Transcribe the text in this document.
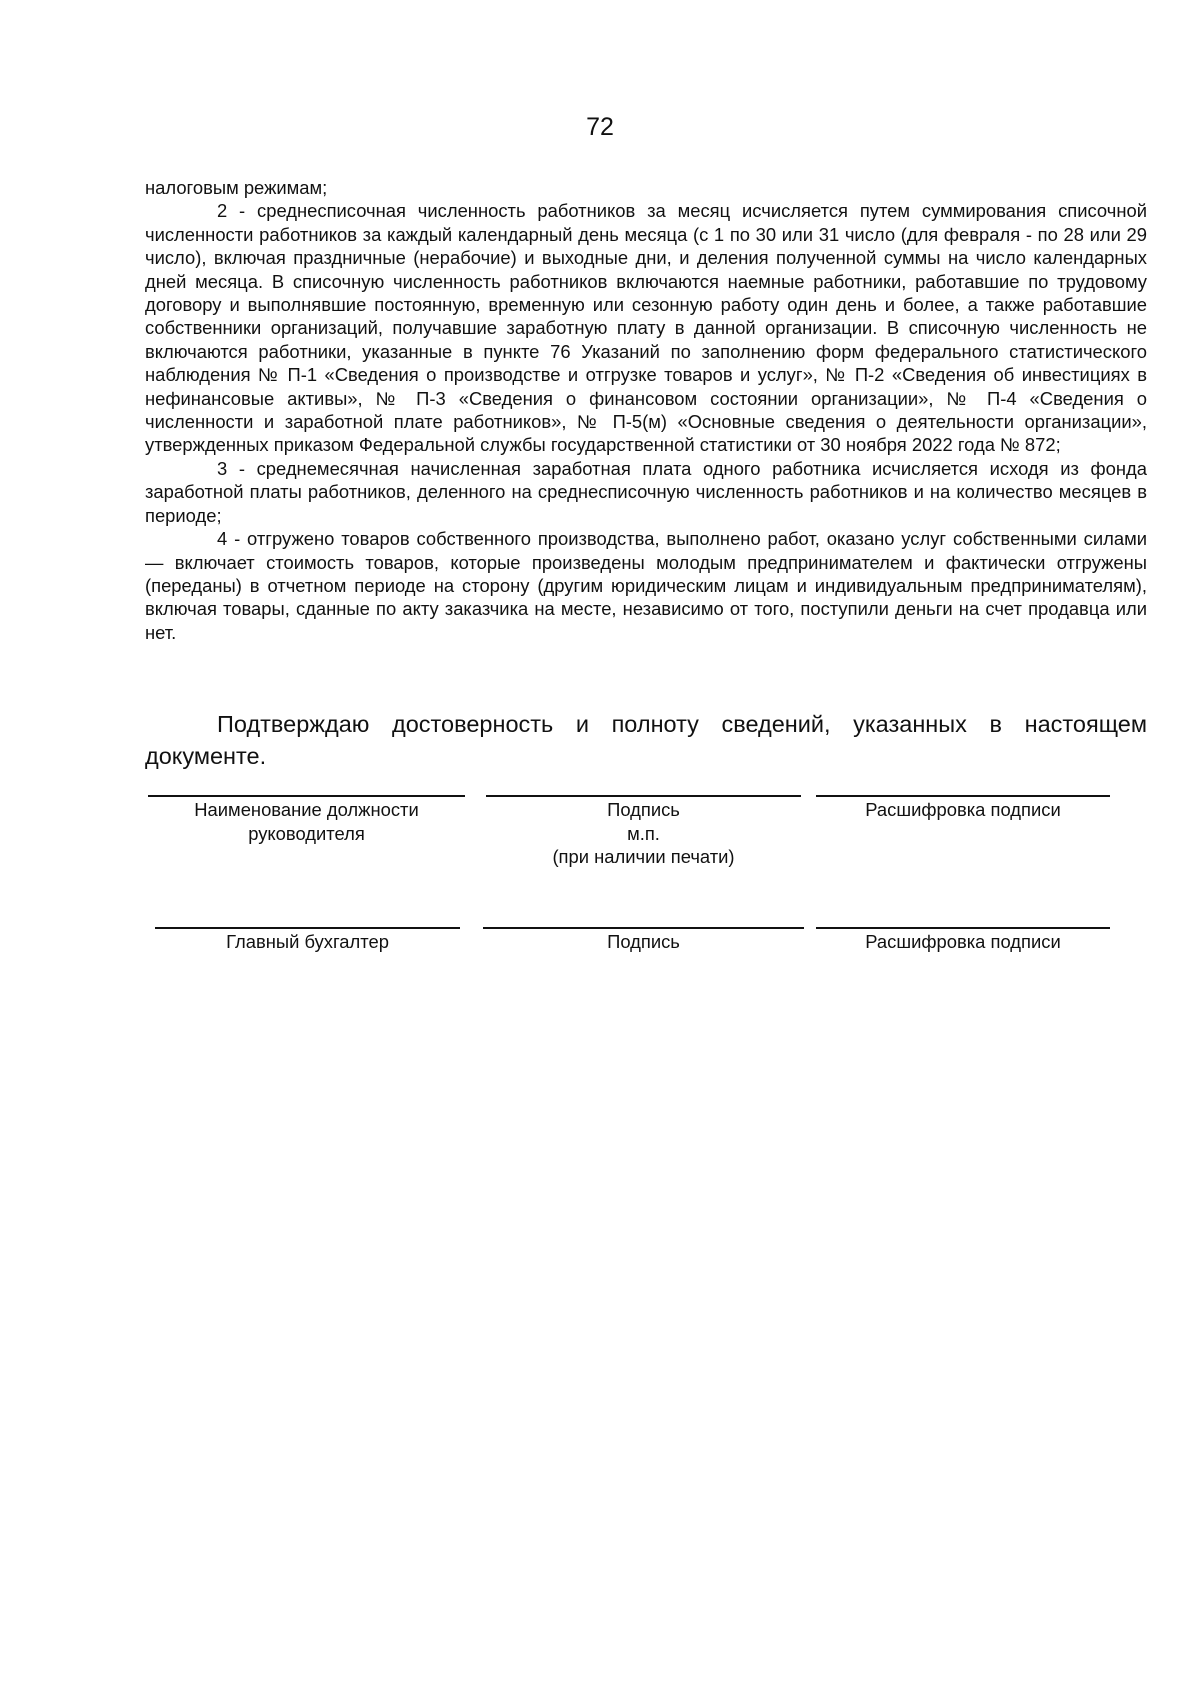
72

налоговым режимам;

2 - среднесписочная численность работников за месяц исчисляется путем суммирования списочной численности работников за каждый календарный день месяца (с 1 по 30 или 31 число (для февраля - по 28 или 29 число), включая праздничные (нерабочие) и выходные дни, и деления полученной суммы на число календарных дней месяца. В списочную численность работников включаются наемные работники, работавшие по трудовому договору и выполнявшие постоянную, временную или сезонную работу один день и более, а также работавшие собственники организаций, получавшие заработную плату в данной организации. В списочную численность не включаются работники, указанные в пункте 76 Указаний по заполнению форм федерального статистического наблюдения № П-1 «Сведения о производстве и отгрузке товаров и услуг», № П-2 «Сведения об инвестициях в нефинансовые активы», № П-3 «Сведения о финансовом состоянии организации», № П-4 «Сведения о численности и заработной плате работников», № П-5(м) «Основные сведения о деятельности организации», утвержденных приказом Федеральной службы государственной статистики от 30 ноября 2022 года № 872;

3 - среднемесячная начисленная заработная плата одного работника исчисляется исходя из фонда заработной платы работников, деленного на среднесписочную численность работников и на количество месяцев в периоде;

4 - отгружено товаров собственного производства, выполнено работ, оказано услуг собственными силами — включает стоимость товаров, которые произведены молодым предпринимателем и фактически отгружены (переданы) в отчетном периоде на сторону (другим юридическим лицам и индивидуальным предпринимателям), включая товары, сданные по акту заказчика на месте, независимо от того, поступили деньги на счет продавца или нет.

Подтверждаю достоверность и полноту сведений, указанных в настоящем документе.
Наименование должности
руководителя
Подпись
м.п.
(при наличии печати)
Расшифровка подписи
Главный бухгалтер	Подпись	Расшифровка подписи
